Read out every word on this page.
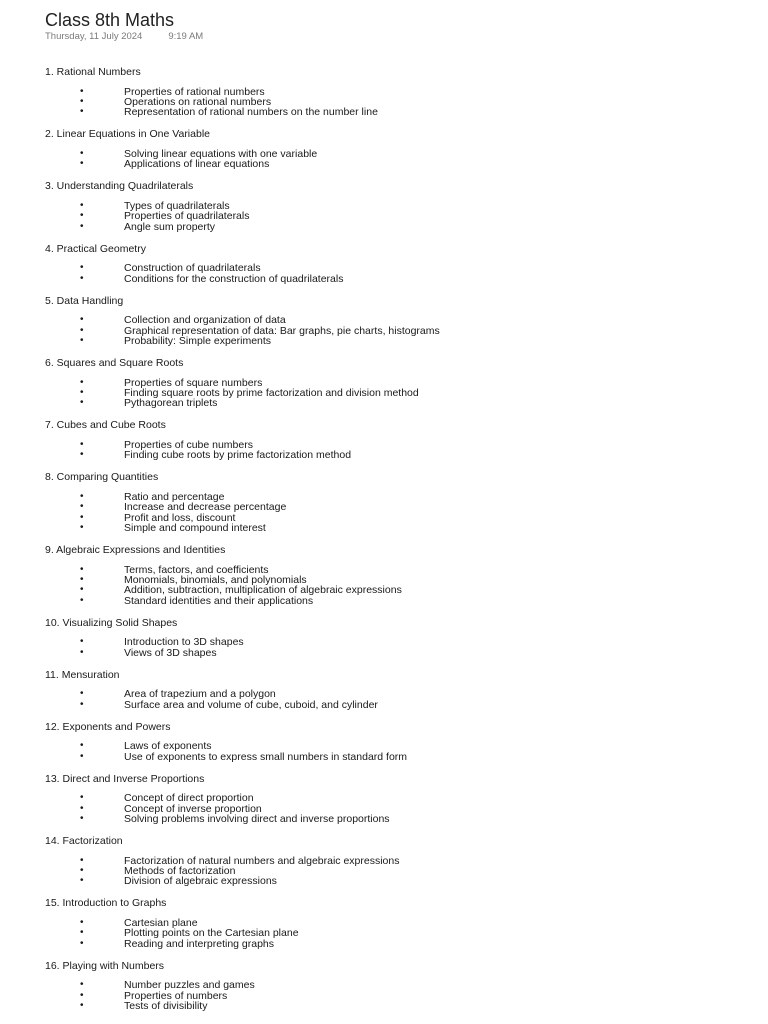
Class 8th Maths
Thursday, 11 July 2024	9:19 AM
1. Rational Numbers
•	Properties of rational numbers
•	Operations on rational numbers
•	Representation of rational numbers on the number line
2. Linear Equations in One Variable
•	Solving linear equations with one variable
•	Applications of linear equations
3. Understanding Quadrilaterals
•	Types of quadrilaterals
•	Properties of quadrilaterals
•	Angle sum property
4. Practical Geometry
•	Construction of quadrilaterals
•	Conditions for the construction of quadrilaterals
5. Data Handling
•	Collection and organization of data
•	Graphical representation of data: Bar graphs, pie charts, histograms
•	Probability: Simple experiments
6. Squares and Square Roots
•	Properties of square numbers
•	Finding square roots by prime factorization and division method
•	Pythagorean triplets
7. Cubes and Cube Roots
•	Properties of cube numbers
•	Finding cube roots by prime factorization method
8. Comparing Quantities
•	Ratio and percentage
•	Increase and decrease percentage
•	Profit and loss, discount
•	Simple and compound interest
9. Algebraic Expressions and Identities
•	Terms, factors, and coefficients
•	Monomials, binomials, and polynomials
•	Addition, subtraction, multiplication of algebraic expressions
•	Standard identities and their applications
10. Visualizing Solid Shapes
•	Introduction to 3D shapes
•	Views of 3D shapes
11. Mensuration
•	Area of trapezium and a polygon
•	Surface area and volume of cube, cuboid, and cylinder
12. Exponents and Powers
•	Laws of exponents
•	Use of exponents to express small numbers in standard form
13. Direct and Inverse Proportions
•	Concept of direct proportion
•	Concept of inverse proportion
•	Solving problems involving direct and inverse proportions
14. Factorization
•	Factorization of natural numbers and algebraic expressions
•	Methods of factorization
•	Division of algebraic expressions
15. Introduction to Graphs
•	Cartesian plane
•	Plotting points on the Cartesian plane
•	Reading and interpreting graphs
16. Playing with Numbers
•	Number puzzles and games
•	Properties of numbers
•	Tests of divisibility
